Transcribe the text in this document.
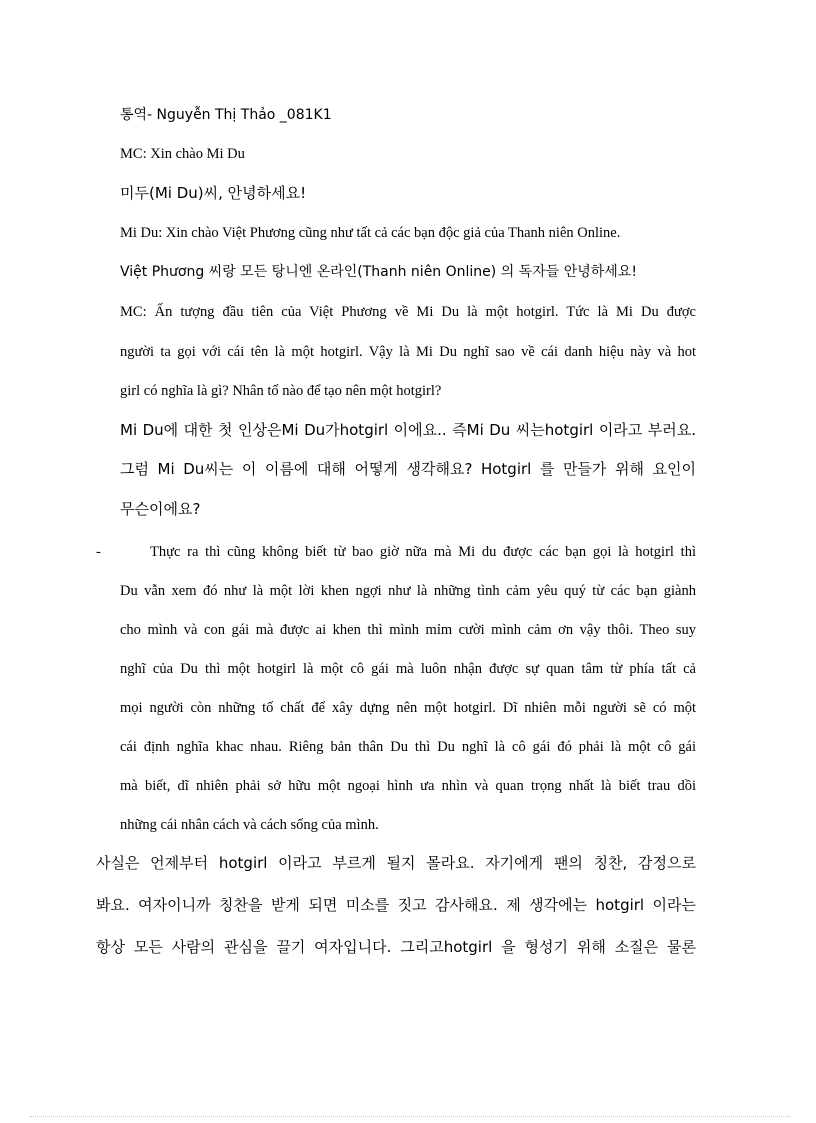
통역- Nguyễn Thị Thảo _081K1
MC: Xin chào Mi Du
미두(Mi Du)씨, 안녕하세요!
Mi Du: Xin chào Việt Phương cũng như tất cả các bạn độc giả của Thanh niên Online.
Việt Phương 씨랑 모든 탕니엔 온라인(Thanh niên Online) 의 독자들 안녕하세요!
MC: Ấn tượng đầu tiên của Việt Phương về Mi Du là một hotgirl. Tức là Mi Du được
người ta gọi với cái tên là một hotgirl. Vậy là Mi Du nghĩ sao về cái danh hiệu này và hot
girl có nghĩa là gì? Nhân tố nào để tạo nên một hotgirl?
Mi Du에 대한 첫 인상은Mi Du가hotgirl 이에요.. 즉Mi Du 씨는hotgirl 이라고 부러요.
그럼 Mi Du씨는 이 이름에 대해 어떻게 생각해요? Hotgirl 를 만들가 위해 요인이
무슨이에요?
-	Thực ra thì cũng không biết từ bao giờ nữa mà Mi du được các bạn gọi là hotgirl thì
Du vẫn xem đó như là một lời khen ngợi như là những tình cảm yêu quý từ các bạn giành
cho mình và con gái mà được ai khen thì mình mỉm cười mình cảm ơn vậy thôi. Theo suy
nghĩ của Du thì một hotgirl là một cô gái mà luôn nhận được sự quan tâm từ phía tất cả
mọi người còn những tố chất để xây dựng nên một hotgirl. Dĩ nhiên mỗi người sẽ có một
cái định nghĩa khac nhau. Riêng bản thân Du thì Du nghĩ là cô gái đó phải là một cô gái
mà biết, dĩ nhiên phải sở hữu một ngoại hình ưa nhìn và quan trọng nhất là biết trau dồi
những cái nhân cách và cách sống của mình.
사실은 언제부터 hotgirl 이라고 부르게 될지 몰라요. 자기에게 팬의 칭찬, 감정으로
봐요. 여자이니까 칭찬을 받게 되면 미소를 짓고 감사해요. 제 생각에는 hotgirl 이라는
항상 모든 사람의 관심을 끌기 여자입니다. 그리고hotgirl 을 형성기 위해 소질은 물론
